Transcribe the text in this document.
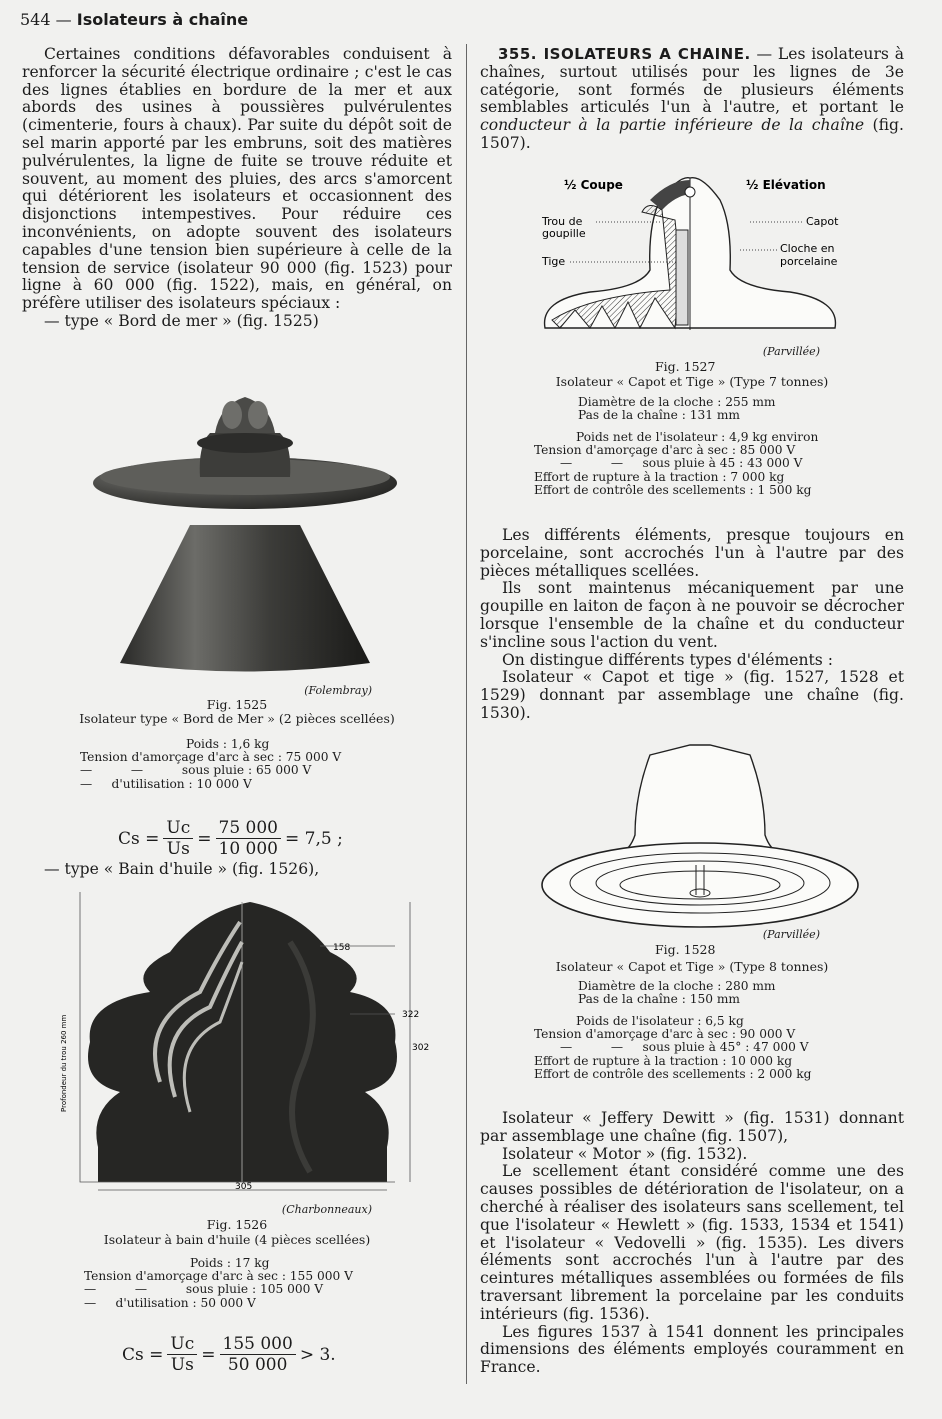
544 — Isolateurs à chaîne

Certaines conditions défavorables conduisent à renforcer la sécurité électrique ordinaire ; c'est le cas des lignes établies en bordure de la mer et aux abords des usines à poussières pulvérulentes (cimenterie, fours à chaux). Par suite du dépôt soit de sel marin apporté par les embruns, soit des matières pulvérulentes, la ligne de fuite se trouve réduite et souvent, au moment des pluies, des arcs s'amorcent qui détériorent les isolateurs et occasionnent des disjonctions intempestives. Pour réduire ces inconvénients, on adopte souvent des isolateurs capables d'une tension bien supérieure à celle de la tension de service (isolateur 90 000 (fig. 1523) pour ligne à 60 000 (fig. 1522), mais, en général, on préfère utiliser des isolateurs spéciaux :

— type « Bord de mer » (fig. 1525)

(Folembray)
Fig. 1525
Isolateur type « Bord de Mer » (2 pièces scellées)
Poids : 1,6 kg
Tension d'amorçage d'arc à sec : 75 000 V
—          —          sous pluie : 65 000 V
—     d'utilisation : 10 000 V
$Cs = \frac{Uc}{Us} = \frac{75 000}{10 000} = 7,5$ ;

— type « Bain d'huile » (fig. 1526),

158
322
302
305
Profondeur du trou 260 mm
(Charbonneaux)
Fig. 1526
Isolateur à bain d'huile (4 pièces scellées)
Poids : 17 kg
Tension d'amorçage d'arc à sec : 155 000 V
—          —          sous pluie : 105 000 V
—     d'utilisation : 50 000 V
$Cs = \frac{Uc}{Us} = \frac{155 000}{50 000} > 3$.

355. ISOLATEURS A CHAINE. — Les isolateurs à chaînes, surtout utilisés pour les lignes de 3e catégorie, sont formés de plusieurs éléments semblables articulés l'un à l'autre, et portant le conducteur à la partie inférieure de la chaîne (fig. 1507).

½ Coupe	½ Elévation
Trou de
goupille
Tige
Capot
Cloche en
porcelaine
(Parvillée)
Fig. 1527
Isolateur « Capot et Tige » (Type 7 tonnes)
Diamètre de la cloche : 255 mm
Pas de la chaîne : 131 mm
Poids net de l'isolateur : 4,9 kg environ
Tension d'amorçage d'arc à sec : 85 000 V
—          —     sous pluie à 45 : 43 000 V
Effort de rupture à la traction : 7 000 kg
Effort de contrôle des scellements : 1 500 kg

Les différents éléments, presque toujours en porcelaine, sont accrochés l'un à l'autre par des pièces métalliques scellées.

Ils sont maintenus mécaniquement par une goupille en laiton de façon à ne pouvoir se décrocher lorsque l'ensemble de la chaîne et du conducteur s'incline sous l'action du vent.

On distingue différents types d'éléments :

Isolateur « Capot et tige » (fig. 1527, 1528 et 1529) donnant par assemblage une chaîne (fig. 1530).

(Parvillée)
Fig. 1528
Isolateur « Capot et Tige » (Type 8 tonnes)
Diamètre de la cloche : 280 mm
Pas de la chaîne : 150 mm
Poids de l'isolateur : 6,5 kg
Tension d'amorçage d'arc à sec : 90 000 V
—          —     sous pluie à 45° : 47 000 V
Effort de rupture à la traction : 10 000 kg
Effort de contrôle des scellements : 2 000 kg

Isolateur « Jeffery Dewitt » (fig. 1531) donnant par assemblage une chaîne (fig. 1507),

Isolateur « Motor » (fig. 1532).

Le scellement étant considéré comme une des causes possibles de détérioration de l'isolateur, on a cherché à réaliser des isolateurs sans scellement, tel que l'isolateur « Hewlett » (fig. 1533, 1534 et 1541) et l'isolateur « Vedovelli » (fig. 1535). Les divers éléments sont accrochés l'un à l'autre par des ceintures métalliques assemblées ou formées de fils traversant librement la porcelaine par les conduits intérieurs (fig. 1536).

Les figures 1537 à 1541 donnent les principales dimensions des éléments employés couramment en France.
